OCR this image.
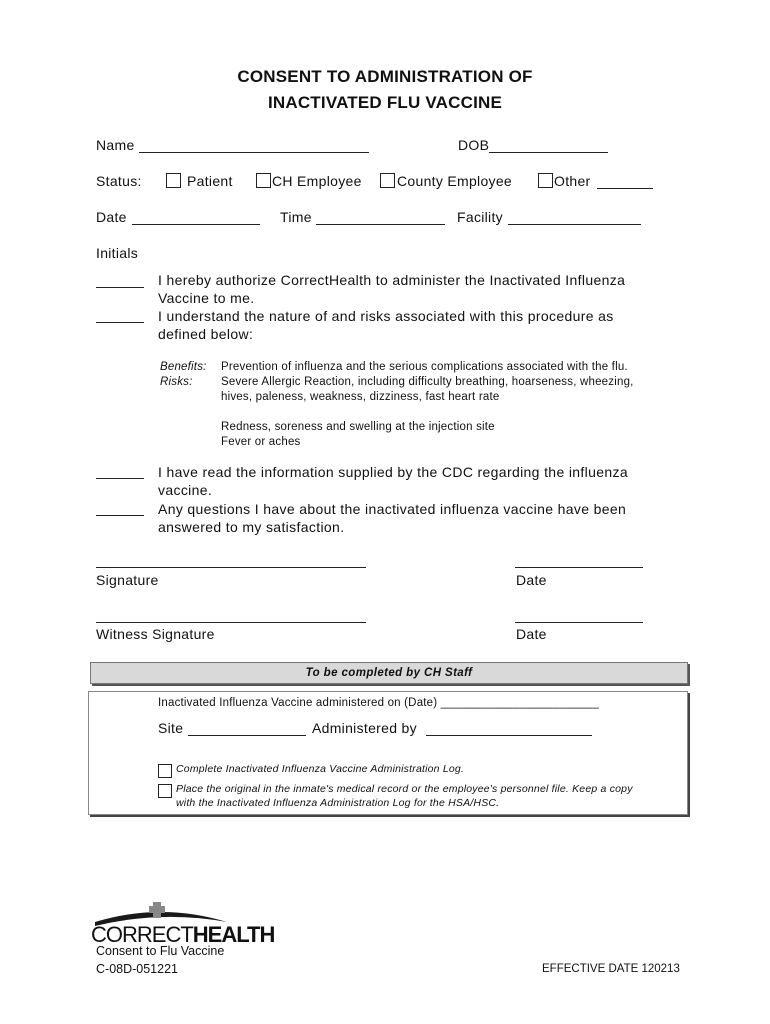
CONSENT TO ADMINISTRATION OF
INACTIVATED FLU VACCINE
Name	DOB
Status:	Patient	CH Employee	County Employee	Other
Date	Time	Facility
Initials
I hereby authorize CorrectHealth to administer the Inactivated Influenza
Vaccine to me.
I understand the nature of and risks associated with this procedure as
defined below:
Benefits: Prevention of influenza and the serious complications associated with the flu.
Risks: Severe Allergic Reaction, including difficulty breathing, hoarseness, wheezing,
hives, paleness, weakness, dizziness, fast heart rate
Redness, soreness and swelling at the injection site
Fever or aches
I have read the information supplied by the CDC regarding the influenza
vaccine.
Any questions I have about the inactivated influenza vaccine have been
answered to my satisfaction.
Signature	Date
Witness Signature	Date
To be completed by CH Staff
Inactivated Influenza Vaccine administered on (Date) ________________________
Site	Administered by
Complete Inactivated Influenza Vaccine Administration Log.
Place the original in the inmate's medical record or the employee's personnel file. Keep a copy
with the Inactivated Influenza Administration Log for the HSA/HSC.
CORRECTHEALTH
Consent to Flu Vaccine
C-08D-051221	EFFECTIVE DATE 120213
